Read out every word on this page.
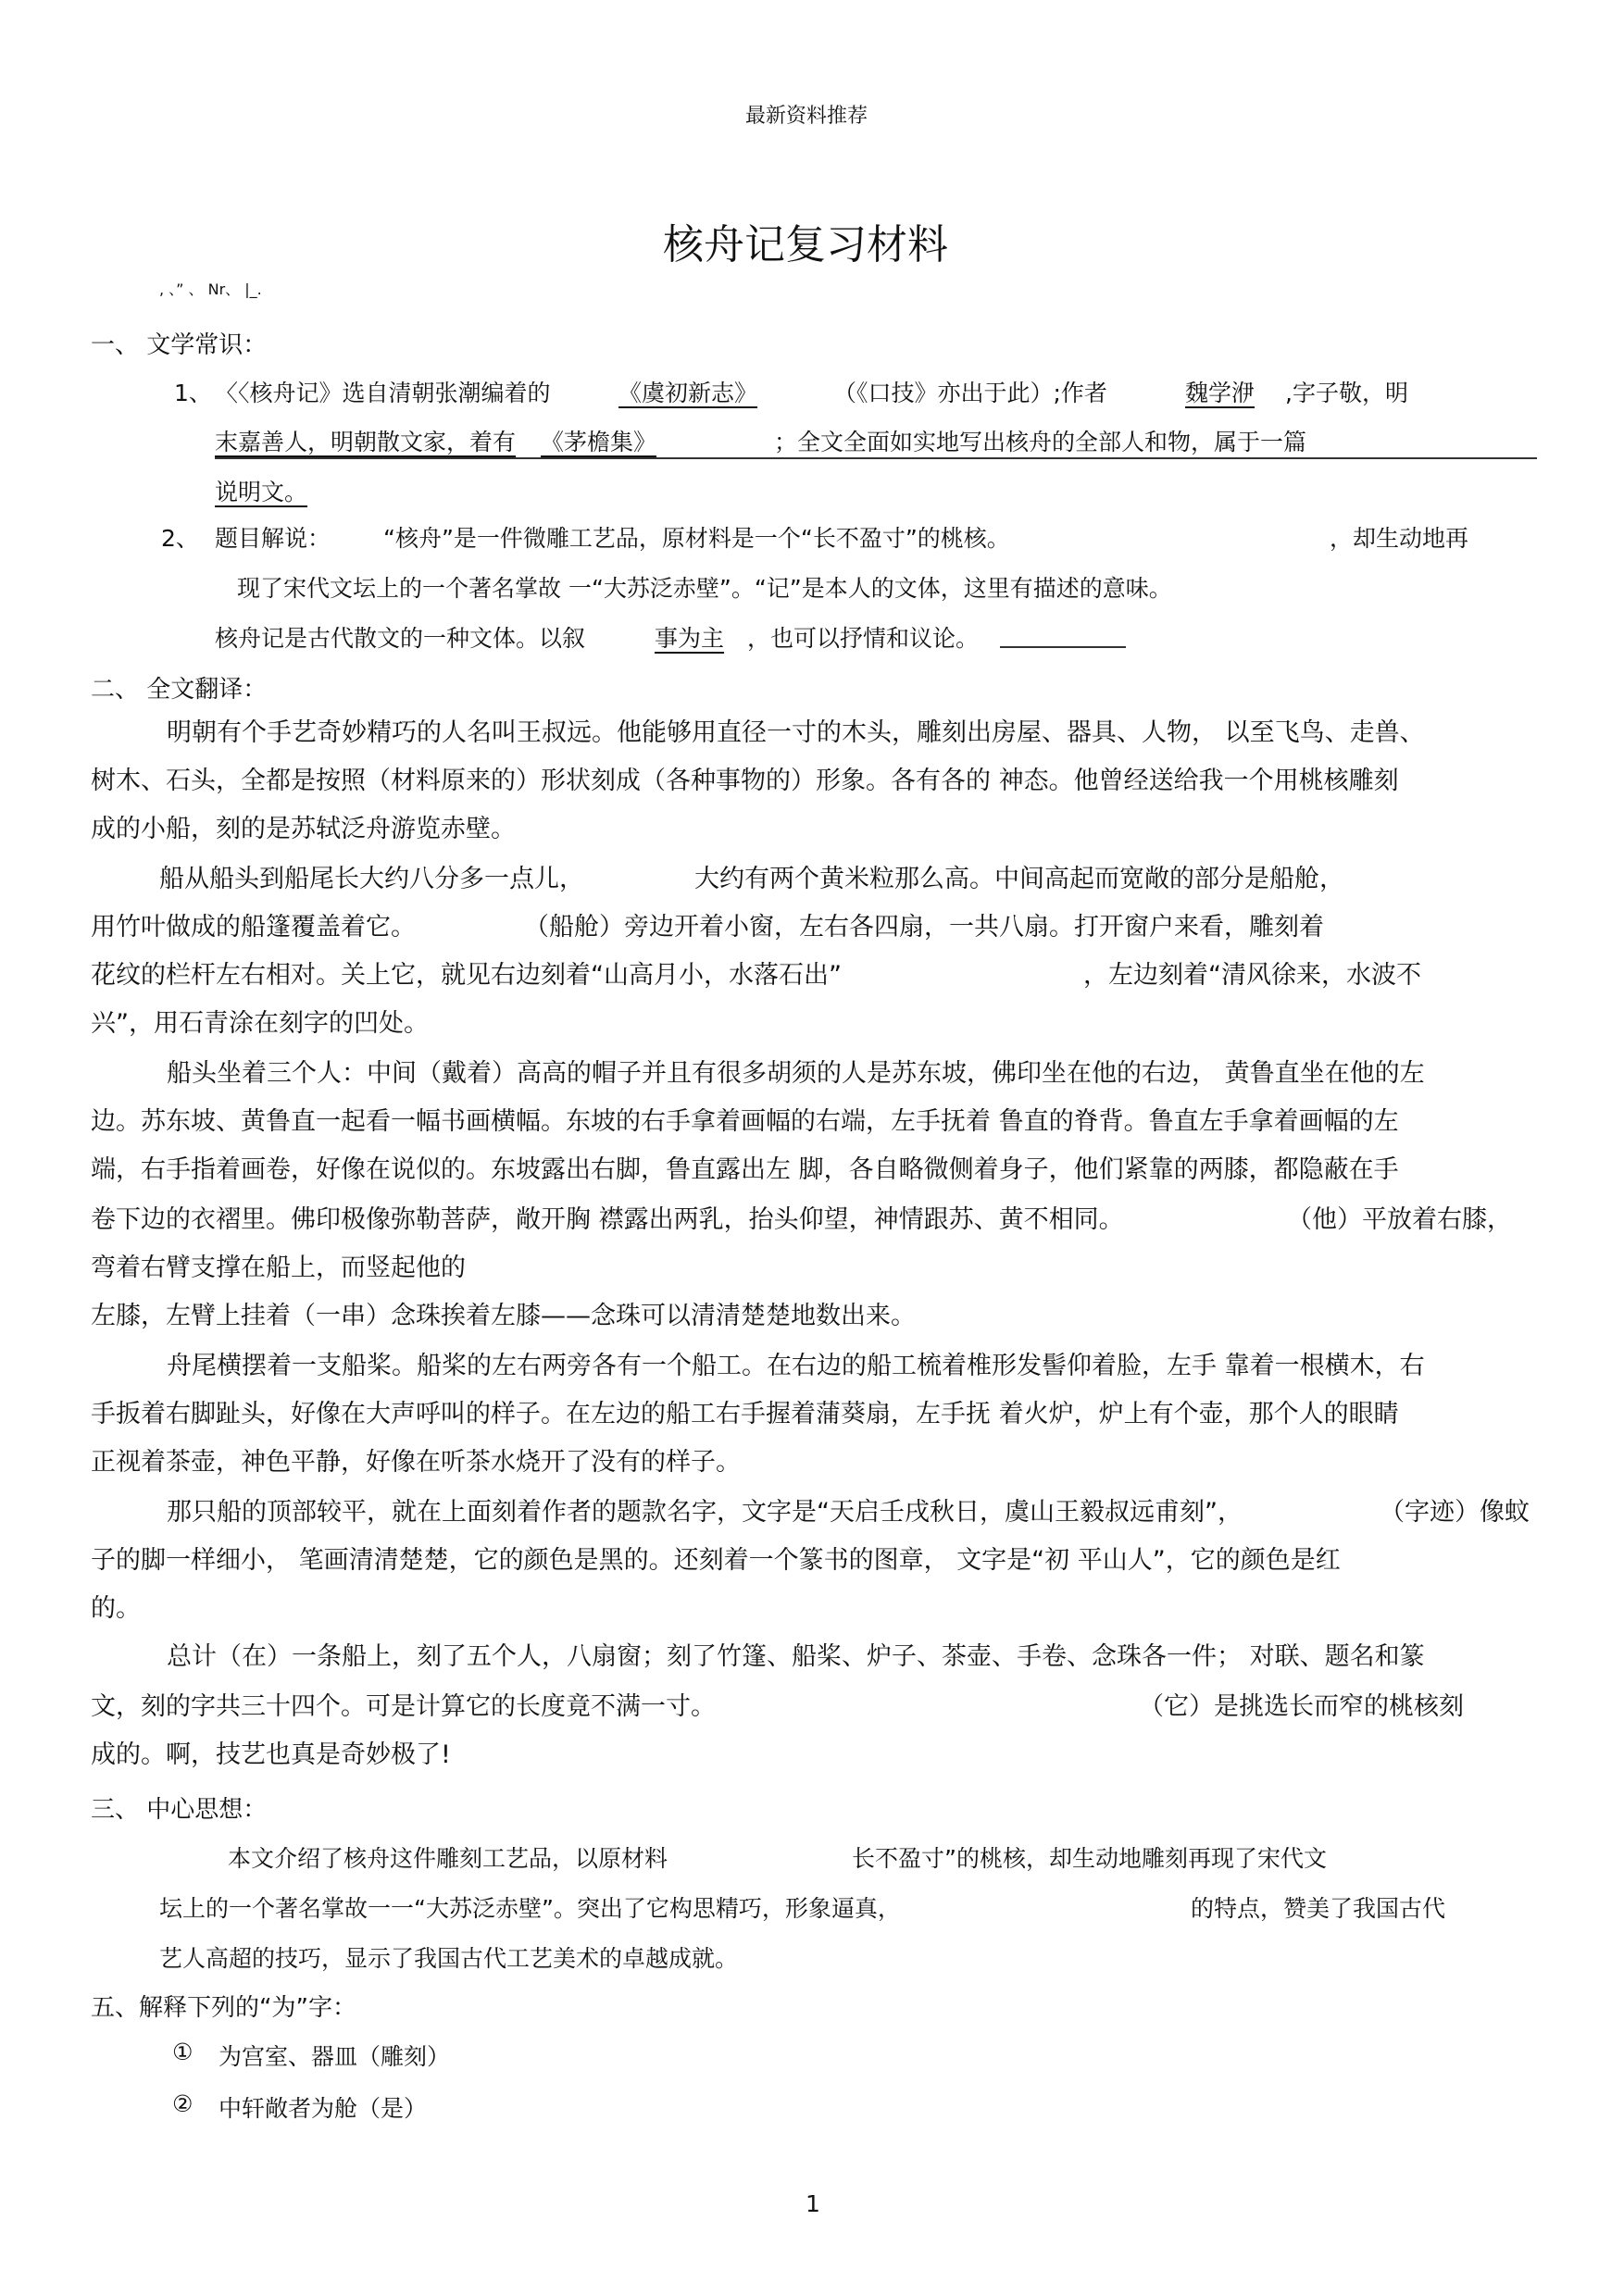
最新资料推荐
核舟记复习材料
, 、” 、 Nr、 |_.
一、 文学常识：
1、 〈〈核舟记》选自清朝张潮编着的	《虞初新志》	（《口技》亦出于此）;作者	魏学洢 ,字子敬，明
末嘉善人，明朝散文家，着有 《茅檐集》	；全文全面如实地写出核舟的全部人和物，属于一篇
说明文。
2、 题目解说： “核舟”是一件微雕工艺品，原材料是一个“长不盈寸”的桃核。	，却生动地再
现了宋代文坛上的一个著名掌故 一“大苏泛赤壁”。“记”是本人的文体，这里有描述的意味。
核舟记是古代散文的一种文体。以叙	事为主 ，也可以抒情和议论。
二、 全文翻译：
明朝有个手艺奇妙精巧的人名叫王叔远。他能够用直径一寸的木头，雕刻出房屋、器具、人物， 以至飞鸟、走兽、
树木、石头，全都是按照（材料原来的）形状刻成（各种事物的）形象。各有各的 神态。他曾经送给我一个用桃核雕刻
成的小船，刻的是苏轼泛舟游览赤壁。
船从船头到船尾长大约八分多一点儿，	大约有两个黄米粒那么高。中间高起而宽敞的部分是船舱，
用竹叶做成的船篷覆盖着它。	（船舱）旁边开着小窗，左右各四扇，一共八扇。打开窗户来看，雕刻着
花纹的栏杆左右相对。关上它，就见右边刻着“山高月小，水落石出”	，左边刻着“清风徐来，水波不
兴”，用石青涂在刻字的凹处。
船头坐着三个人：中间（戴着）高高的帽子并且有很多胡须的人是苏东坡，佛印坐在他的右边， 黄鲁直坐在他的左
边。苏东坡、黄鲁直一起看一幅书画横幅。东坡的右手拿着画幅的右端，左手抚着 鲁直的脊背。鲁直左手拿着画幅的左
端，右手指着画卷，好像在说似的。东坡露出右脚，鲁直露出左 脚，各自略微侧着身子，他们紧靠的两膝，都隐蔽在手
卷下边的衣褶里。佛印极像弥勒菩萨，敞开胸 襟露出两乳，抬头仰望，神情跟苏、黄不相同。	（他）平放着右膝，
弯着右臂支撑在船上，而竖起他的
左膝，左臂上挂着（一串）念珠挨着左膝——念珠可以清清楚楚地数出来。
舟尾横摆着一支船桨。船桨的左右两旁各有一个船工。在右边的船工梳着椎形发髻仰着脸，左手 靠着一根横木，右
手扳着右脚趾头，好像在大声呼叫的样子。在左边的船工右手握着蒲葵扇，左手抚 着火炉，炉上有个壶，那个人的眼睛
正视着茶壶，神色平静，好像在听茶水烧开了没有的样子。
那只船的顶部较平，就在上面刻着作者的题款名字，文字是“天启壬戌秋日，虞山王毅叔远甫刻”，	（字迹）像蚊
子的脚一样细小， 笔画清清楚楚，它的颜色是黑的。还刻着一个篆书的图章， 文字是“初 平山人”，它的颜色是红
的。
总计（在）一条船上，刻了五个人，八扇窗；刻了竹篷、船桨、炉子、茶壶、手卷、念珠各一件； 对联、题名和篆
文，刻的字共三十四个。可是计算它的长度竟不满一寸。	（它）是挑选长而窄的桃核刻
成的。啊，技艺也真是奇妙极了!
三、 中心思想：
本文介绍了核舟这件雕刻工艺品，以原材料	长不盈寸”的桃核，却生动地雕刻再现了宋代文
坛上的一个著名掌故一一“大苏泛赤壁”。突出了它构思精巧，形象逼真，	的特点，赞美了我国古代
艺人高超的技巧，显示了我国古代工艺美术的卓越成就。
五、解释下列的“为”字：
① 为宫室、器皿（雕刻）
② 中轩敞者为舱（是）
1
